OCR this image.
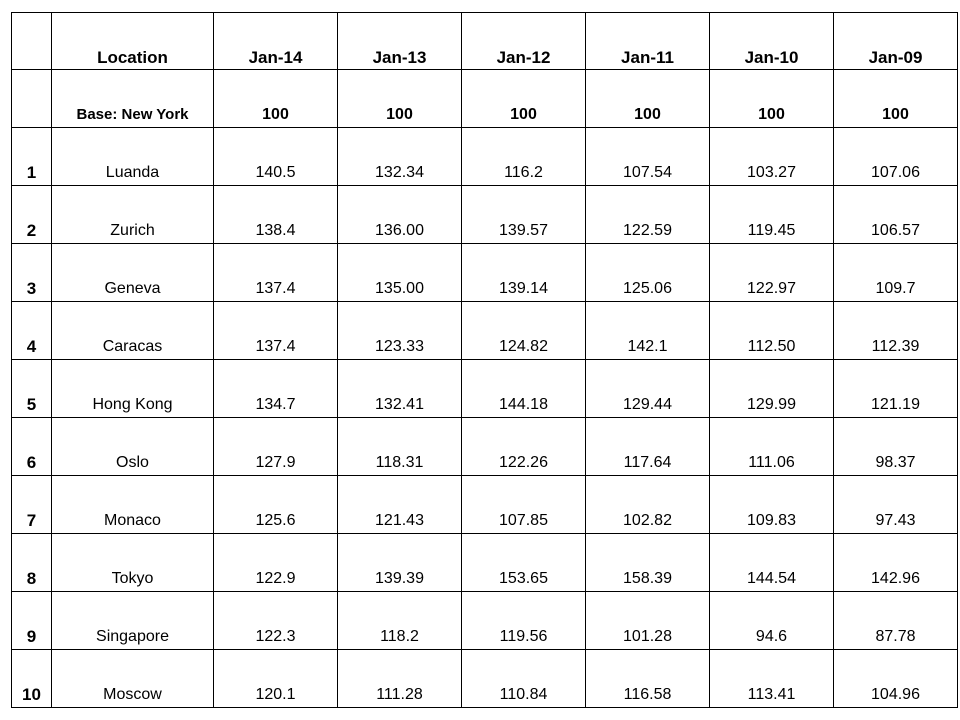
	Location	Jan-14	Jan-13	Jan-12	Jan-11	Jan-10	Jan-09
	Base: New York	100	100	100	100	100	100
1	Luanda	140.5	132.34	116.2	107.54	103.27	107.06
2	Zurich	138.4	136.00	139.57	122.59	119.45	106.57
3	Geneva	137.4	135.00	139.14	125.06	122.97	109.7
4	Caracas	137.4	123.33	124.82	142.1	112.50	112.39
5	Hong Kong	134.7	132.41	144.18	129.44	129.99	121.19
6	Oslo	127.9	118.31	122.26	117.64	111.06	98.37
7	Monaco	125.6	121.43	107.85	102.82	109.83	97.43
8	Tokyo	122.9	139.39	153.65	158.39	144.54	142.96
9	Singapore	122.3	118.2	119.56	101.28	94.6	87.78
10	Moscow	120.1	111.28	110.84	116.58	113.41	104.96
